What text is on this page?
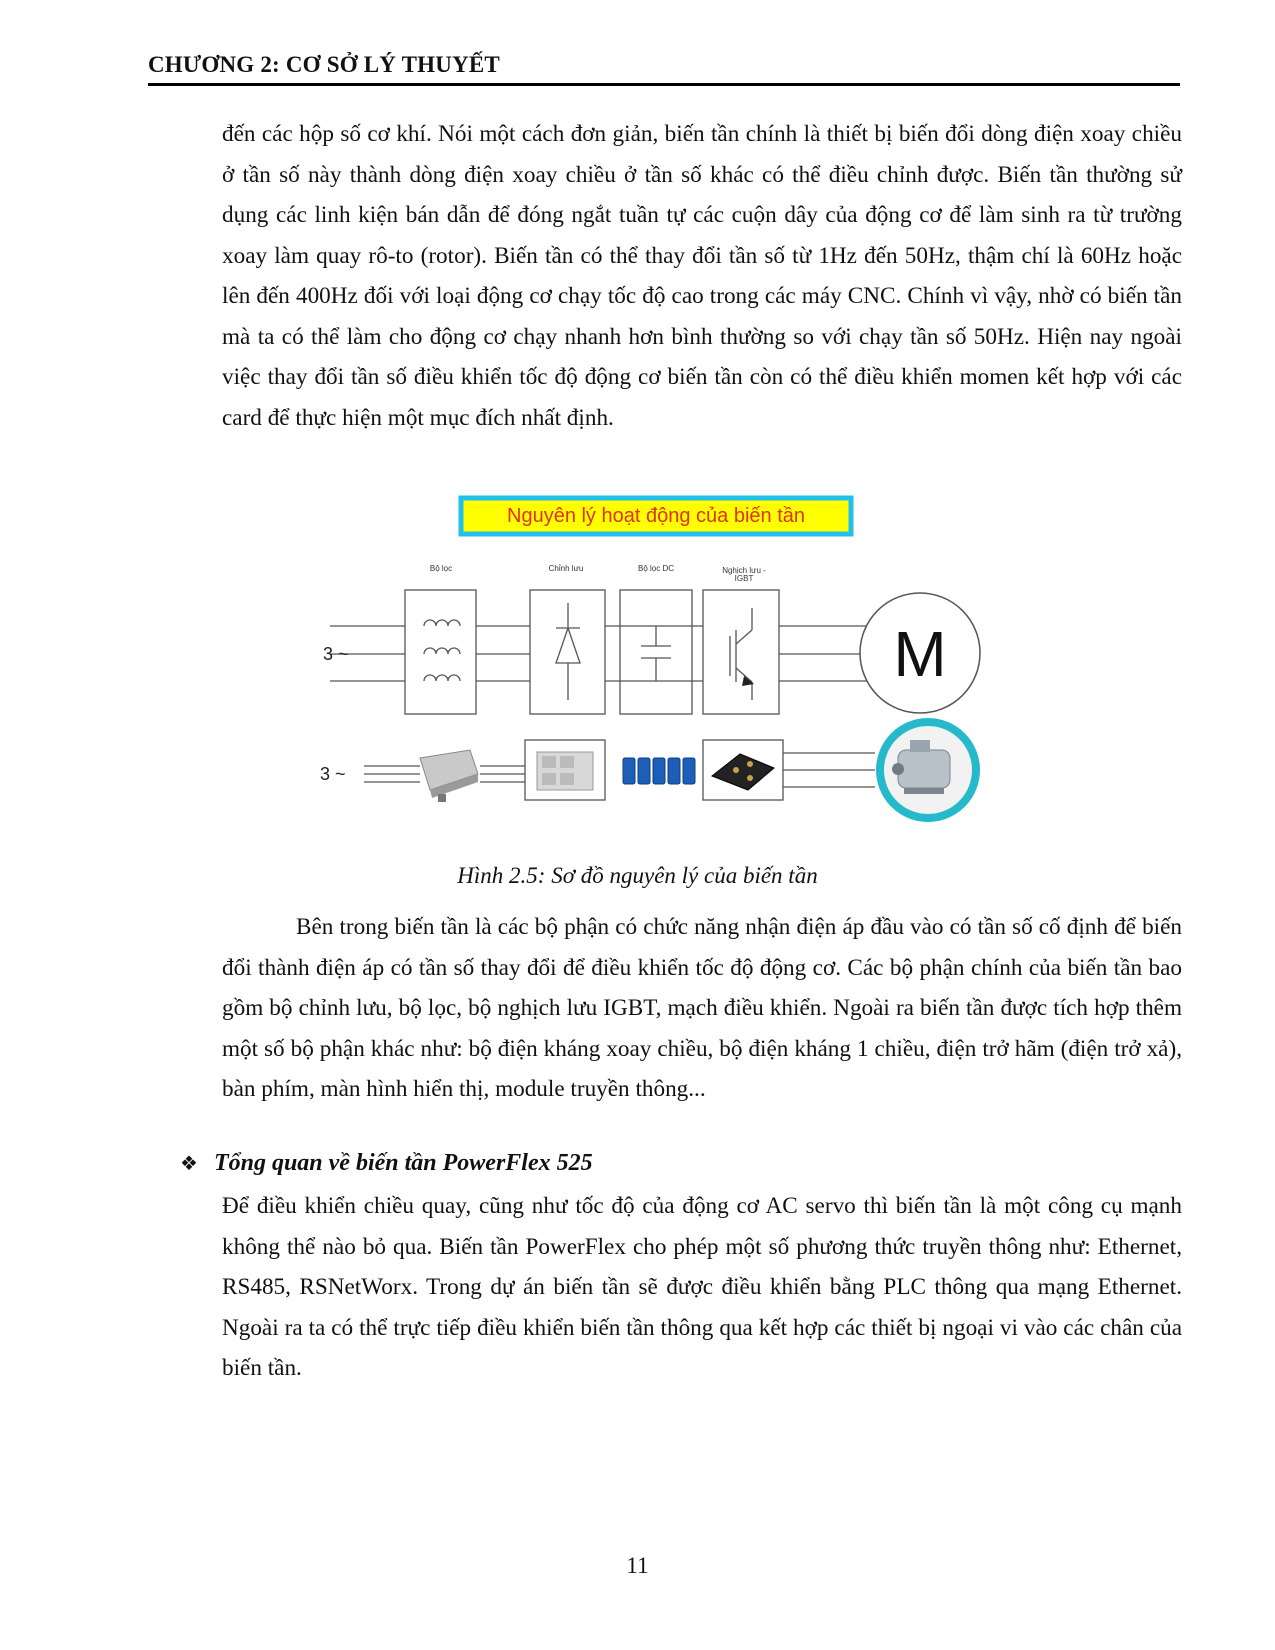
CHƯƠNG 2: CƠ SỞ LÝ THUYẾT

đến các hộp số cơ khí. Nói một cách đơn giản, biến tần chính là thiết bị biến đổi dòng điện xoay chiều ở tần số này thành dòng điện xoay chiều ở tần số khác có thể điều chỉnh được. Biến tần thường sử dụng các linh kiện bán dẫn để đóng ngắt tuần tự các cuộn dây của động cơ để làm sinh ra từ trường xoay làm quay rô-to (rotor). Biến tần có thể thay đổi tần số từ 1Hz đến 50Hz, thậm chí là 60Hz hoặc lên đến 400Hz đối với loại động cơ chạy tốc độ cao trong các máy CNC. Chính vì vậy, nhờ có biến tần mà ta có thể làm cho động cơ chạy nhanh hơn bình thường so với chạy tần số 50Hz. Hiện nay ngoài việc thay đổi tần số điều khiển tốc độ động cơ biến tần còn có thể điều khiển momen kết hợp với các card để thực hiện một mục đích nhất định.

Nguyên lý hoạt động của biến tần
Bộ lọc	Chỉnh lưu	Bộ lọc DC	Nghịch lưu -
IGBT
M
3 ~
3 ~
Hình 2.5: Sơ đồ nguyên lý của biến tần

Bên trong biến tần là các bộ phận có chức năng nhận điện áp đầu vào có tần số cố định để biến đổi thành điện áp có tần số thay đổi để điều khiển tốc độ động cơ. Các bộ phận chính của biến tần bao gồm bộ chỉnh lưu, bộ lọc, bộ nghịch lưu IGBT, mạch điều khiển. Ngoài ra biến tần được tích hợp thêm một số bộ phận khác như: bộ điện kháng xoay chiều, bộ điện kháng 1 chiều, điện trở hãm (điện trở xả), bàn phím, màn hình hiển thị, module truyền thông...

❖ Tổng quan về biến tần PowerFlex 525

Để điều khiển chiều quay, cũng như tốc độ của động cơ AC servo thì biến tần là một công cụ mạnh không thể nào bỏ qua. Biến tần PowerFlex cho phép một số phương thức truyền thông như: Ethernet, RS485, RSNetWorx. Trong dự án biến tần sẽ được điều khiển bằng PLC thông qua mạng Ethernet. Ngoài ra ta có thể trực tiếp điều khiển biến tần thông qua kết hợp các thiết bị ngoại vi vào các chân của biến tần.

11
